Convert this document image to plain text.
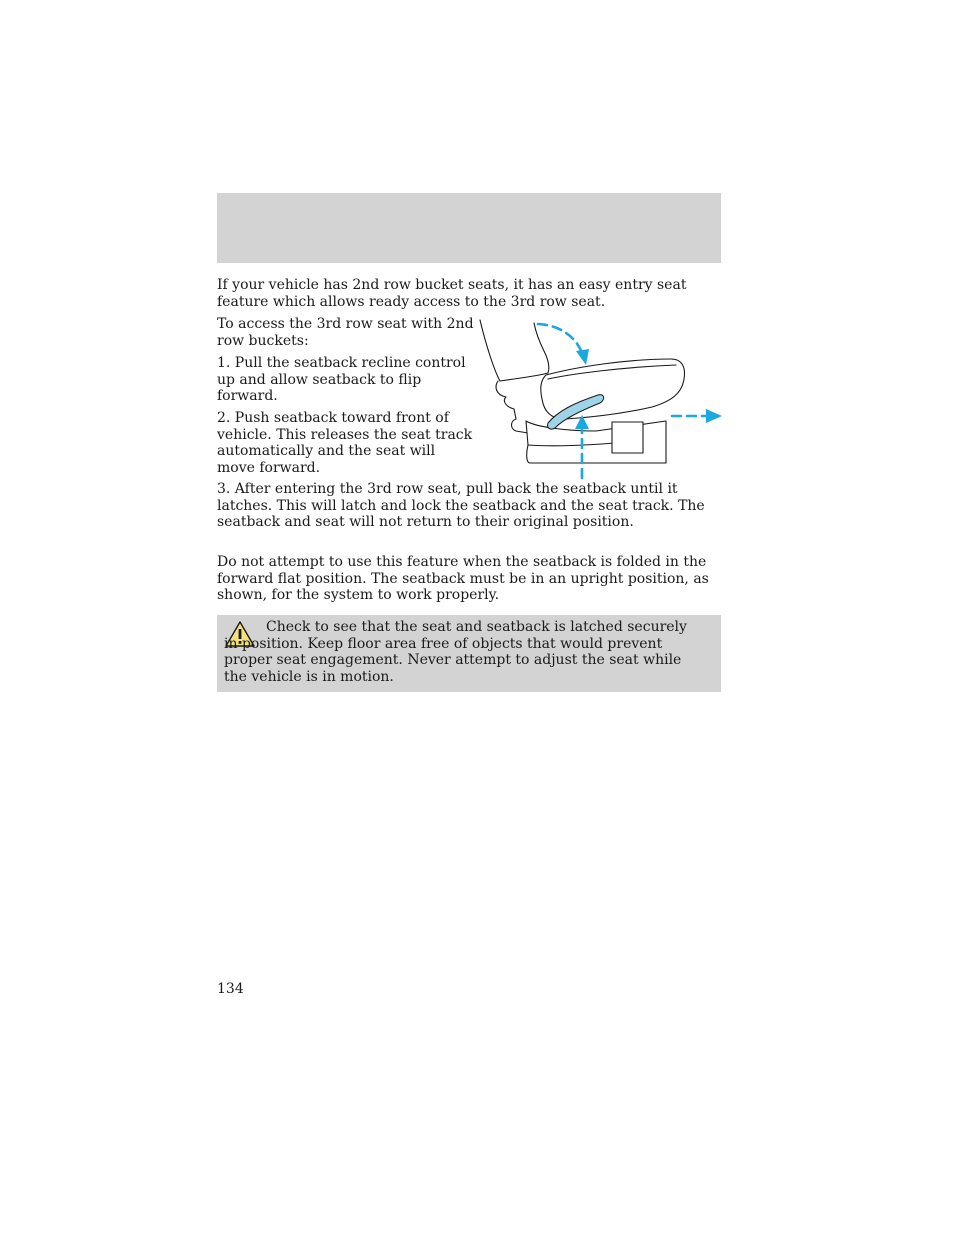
If your vehicle has 2nd row bucket seats, it has an easy entry seat feature which allows ready access to the 3rd row seat.

To access the 3rd row seat with 2nd row buckets:

1. Pull the seatback recline control up and allow seatback to flip forward.

2. Push seatback toward front of vehicle. This releases the seat track automatically and the seat will move forward.

3. After entering the 3rd row seat, pull back the seatback until it latches. This will latch and lock the seatback and the seat track. The seatback and seat will not return to their original position.

Do not attempt to use this feature when the seatback is folded in the forward flat position. The seatback must be in an upright position, as shown, for the system to work properly.

Check to see that the seat and seatback is latched securely in position. Keep floor area free of objects that would prevent proper seat engagement. Never attempt to adjust the seat while the vehicle is in motion.

134
